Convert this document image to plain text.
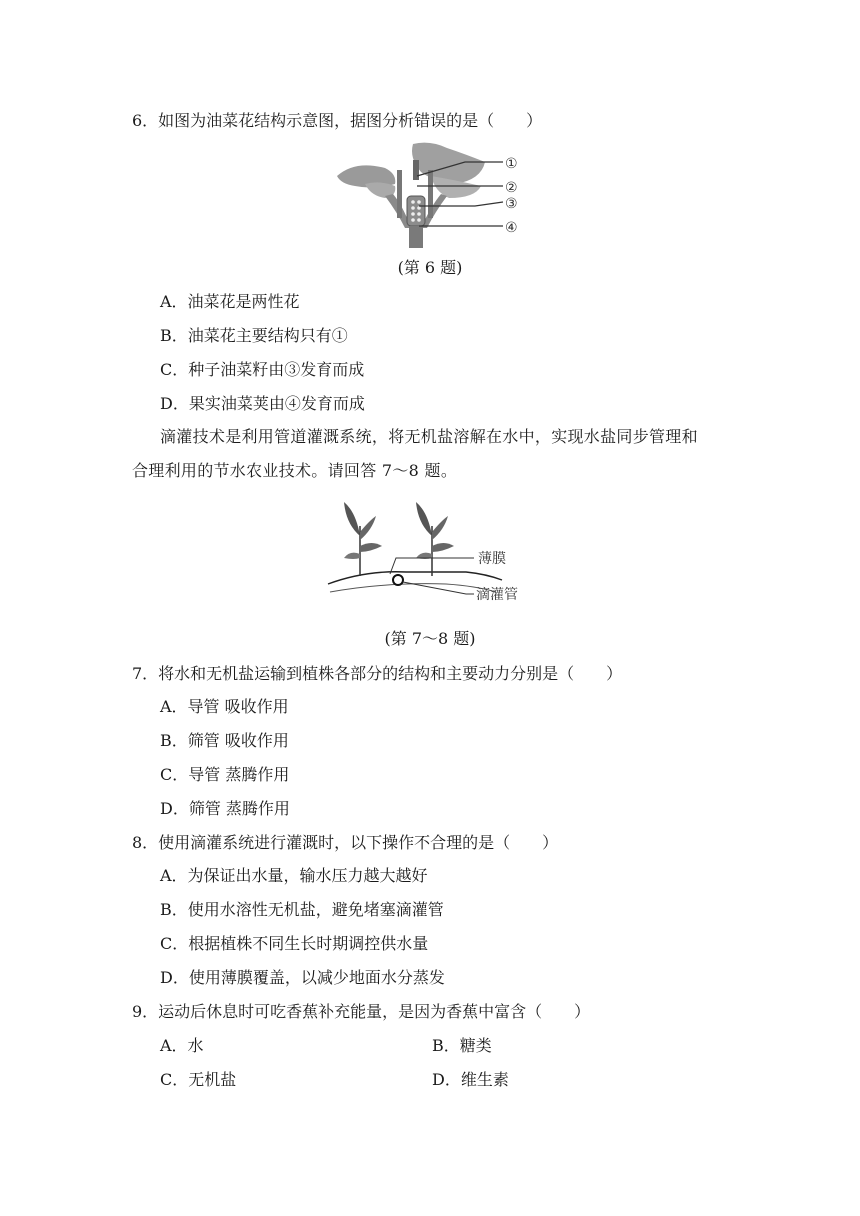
6．如图为油菜花结构示意图，据图分析错误的是（　　）
①
②
③
④
(第 6 题)
A．油菜花是两性花
B．油菜花主要结构只有①
C．种子油菜籽由③发育而成
D．果实油菜荚由④发育而成
滴灌技术是利用管道灌溉系统，将无机盐溶解在水中，实现水盐同步管理和
合理利用的节水农业技术。请回答 7～8 题。
薄膜
滴灌管
(第 7～8 题)
7．将水和无机盐运输到植株各部分的结构和主要动力分别是（　　）
A．导管 吸收作用
B．筛管 吸收作用
C．导管 蒸腾作用
D．筛管 蒸腾作用
8．使用滴灌系统进行灌溉时，以下操作不合理的是（　　）
A．为保证出水量，输水压力越大越好
B．使用水溶性无机盐，避免堵塞滴灌管
C．根据植株不同生长时期调控供水量
D．使用薄膜覆盖，以减少地面水分蒸发
9．运动后休息时可吃香蕉补充能量，是因为香蕉中富含（　　）
A．水	B．糖类
C．无机盐	D．维生素
